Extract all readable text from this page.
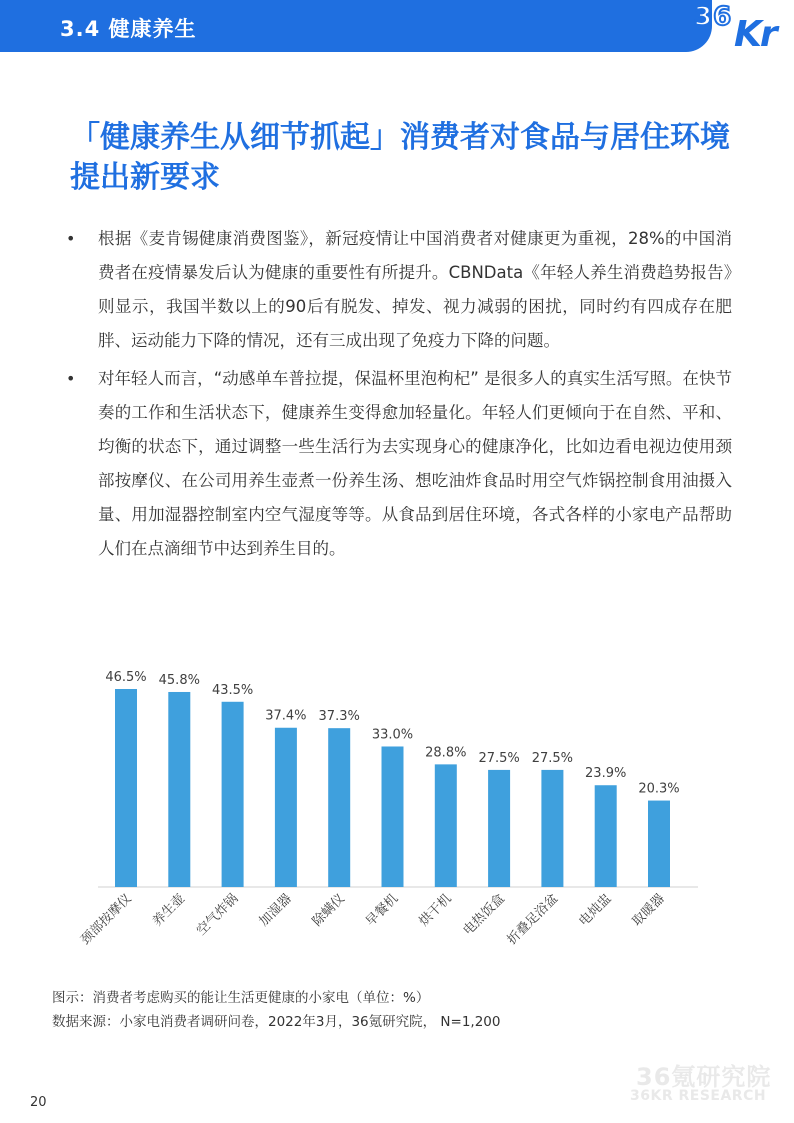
3.4 健康养生	36 Kr
「健康养生从细节抓起」消费者对食品与居住环境提出新要求

• 根据《麦肯锡健康消费图鉴》，新冠疫情让中国消费者对健康更为重视，28%的中国消费者在疫情暴发后认为健康的重要性有所提升。CBNData《年轻人养生消费趋势报告》则显示，我国半数以上的90后有脱发、掉发、视力减弱的困扰，同时约有四成存在肥胖、运动能力下降的情况，还有三成出现了免疫力下降的问题。

• 对年轻人而言，“动感单车普拉提，保温杯里泡枸杞” 是很多人的真实生活写照。在快节奏的工作和生活状态下，健康养生变得愈加轻量化。年轻人们更倾向于在自然、平和、均衡的状态下，通过调整一些生活行为去实现身心的健康净化，比如边看电视边使用颈部按摩仪、在公司用养生壶煮一份养生汤、想吃油炸食品时用空气炸锅控制食用油摄入量、用加湿器控制室内空气湿度等等。从食品到居住环境，各式各样的小家电产品帮助人们在点滴细节中达到养生目的。

46.5%
颈部按摩仪
45.8%
养生壶
43.5%
空气炸锅
37.4%
加湿器
37.3%
除螨仪
33.0%
早餐机
28.8%
烘干机
27.5%
电热饭盒
27.5%
折叠足浴盆
23.9%
电炖盅
20.3%
取暖器
图示：消费者考虑购买的能让生活更健康的小家电（单位：%）
数据来源：小家电消费者调研问卷，2022年3月，36氪研究院， N=1,200
36氪研究院
36KR RESEARCH
20
